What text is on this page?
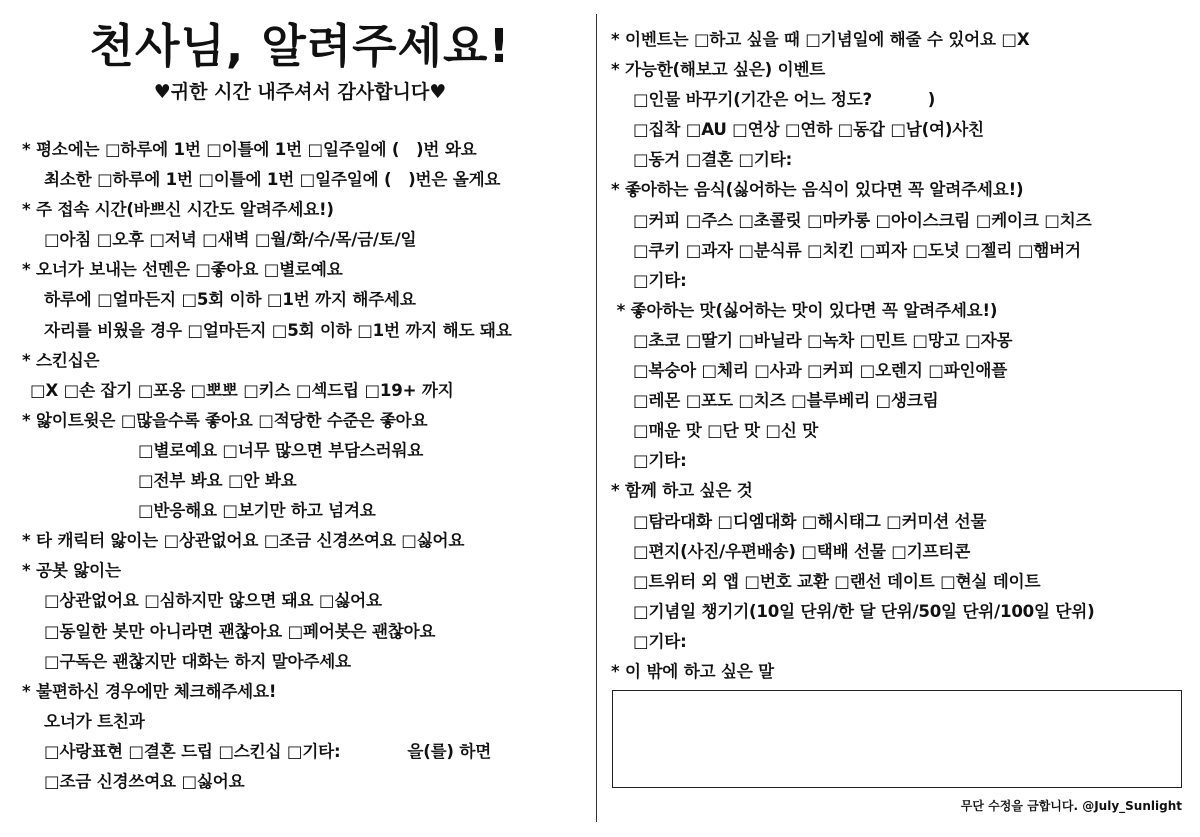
천사님, 알려주세요!
♥귀한 시간 내주셔서 감사합니다♥
* 평소에는 □하루에 1번 □이틀에 1번 □일주일에 (   )번 와요
최소한 □하루에 1번 □이틀에 1번 □일주일에 (   )번은 올게요
* 주 접속 시간(바쁘신 시간도 알려주세요!)
□아침 □오후 □저녁 □새벽 □월/화/수/목/금/토/일
* 오너가 보내는 선멘은 □좋아요 □별로예요
하루에 □얼마든지 □5회 이하 □1번 까지 해주세요
자리를 비웠을 경우 □얼마든지 □5회 이하 □1번 까지 해도 돼요
* 스킨십은
□X □손 잡기 □포옹 □뽀뽀 □키스 □섹드립 □19+ 까지
* 앓이트윗은 □많을수록 좋아요 □적당한 수준은 좋아요
□별로예요 □너무 많으면 부담스러워요
□전부 봐요 □안 봐요
□반응해요 □보기만 하고 넘겨요
* 타 캐릭터 앓이는 □상관없어요 □조금 신경쓰여요 □싫어요
* 공봇 앓이는
□상관없어요 □심하지만 않으면 돼요 □싫어요
□동일한 봇만 아니라면 괜찮아요 □페어봇은 괜찮아요
□구독은 괜찮지만 대화는 하지 말아주세요
* 불편하신 경우에만 체크해주세요!
오너가 트친과
□사랑표현 □결혼 드립 □스킨십 □기타:            을(를) 하면
□조금 신경쓰여요 □싫어요
* 이벤트는 □하고 싶을 때 □기념일에 해줄 수 있어요 □X
* 가능한(해보고 싶은) 이벤트
□인물 바꾸기(기간은 어느 정도?          )
□집착 □AU □연상 □연하 □동갑 □남(여)사친
□동거 □결혼 □기타:
* 좋아하는 음식(싫어하는 음식이 있다면 꼭 알려주세요!)
□커피 □주스 □초콜릿 □마카롱 □아이스크림 □케이크 □치즈
□쿠키 □과자 □분식류 □치킨 □피자 □도넛 □젤리 □햄버거
□기타:
* 좋아하는 맛(싫어하는 맛이 있다면 꼭 알려주세요!)
□초코 □딸기 □바닐라 □녹차 □민트 □망고 □자몽
□복숭아 □체리 □사과 □커피 □오렌지 □파인애플
□레몬 □포도 □치즈 □블루베리 □생크림
□매운 맛 □단 맛 □신 맛
□기타:
* 함께 하고 싶은 것
□탐라대화 □디엠대화 □해시태그 □커미션 선물
□편지(사진/우편배송) □택배 선물 □기프티콘
□트위터 외 앱 □번호 교환 □랜선 데이트 □현실 데이트
□기념일 챙기기(10일 단위/한 달 단위/50일 단위/100일 단위)
□기타:
* 이 밖에 하고 싶은 말
무단 수정을 금합니다. @July_Sunlight
